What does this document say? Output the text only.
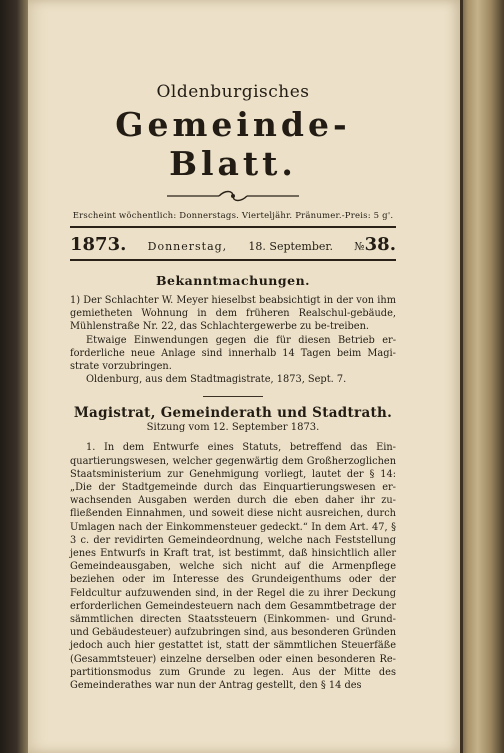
Oldenburgisches

Gemeinde-Blatt.

Erscheint wöchentlich: Donnerstags. Vierteljähr. Pränumer.-Preis: 5 g'.

1873. Donnerstag, 18. September. №38.
Bekanntmachungen.

1) Der Schlachter W. Meyer hieselbst beabsichtigt in der von ihm gemietheten Wohnung in dem früheren Realschul-gebäude, Mühlenstraße Nr. 22, das Schlachtergewerbe zu be-treiben.

Etwaige Einwendungen gegen die für diesen Betrieb er-forderliche neue Anlage sind innerhalb 14 Tagen beim Magi-strate vorzubringen.

Oldenburg, aus dem Stadtmagistrate, 1873, Sept. 7.

Magistrat, Gemeinderath und Stadtrath.
Sitzung vom 12. September 1873.

1. In dem Entwurfe eines Statuts, betreffend das Ein-quartierungswesen, welcher gegenwärtig dem Großherzoglichen Staatsministerium zur Genehmigung vorliegt, lautet der § 14: „Die der Stadtgemeinde durch das Einquartierungswesen er-wachsenden Ausgaben werden durch die eben daher ihr zu-fließenden Einnahmen, und soweit diese nicht ausreichen, durch Umlagen nach der Einkommensteuer gedeckt.“ In dem Art. 47, § 3 c. der revidirten Gemeindeordnung, welche nach Feststellung jenes Entwurfs in Kraft trat, ist bestimmt, daß hinsichtlich aller Gemeindeausgaben, welche sich nicht auf die Armenpflege beziehen oder im Interesse des Grundeigenthums oder der Feldcultur aufzuwenden sind, in der Regel die zu ihrer Deckung erforderlichen Gemeindesteuern nach dem Gesammtbetrage der sämmtlichen directen Staatssteuern (Einkommen- und Grund- und Gebäudesteuer) aufzubringen sind, aus besonderen Gründen jedoch auch hier gestattet ist, statt der sämmtlichen Steuerfäße (Gesammtsteuer) einzelne derselben oder einen besonderen Re-partitionsmodus zum Grunde zu legen. Aus der Mitte des Gemeinderathes war nun der Antrag gestellt, den § 14 des
